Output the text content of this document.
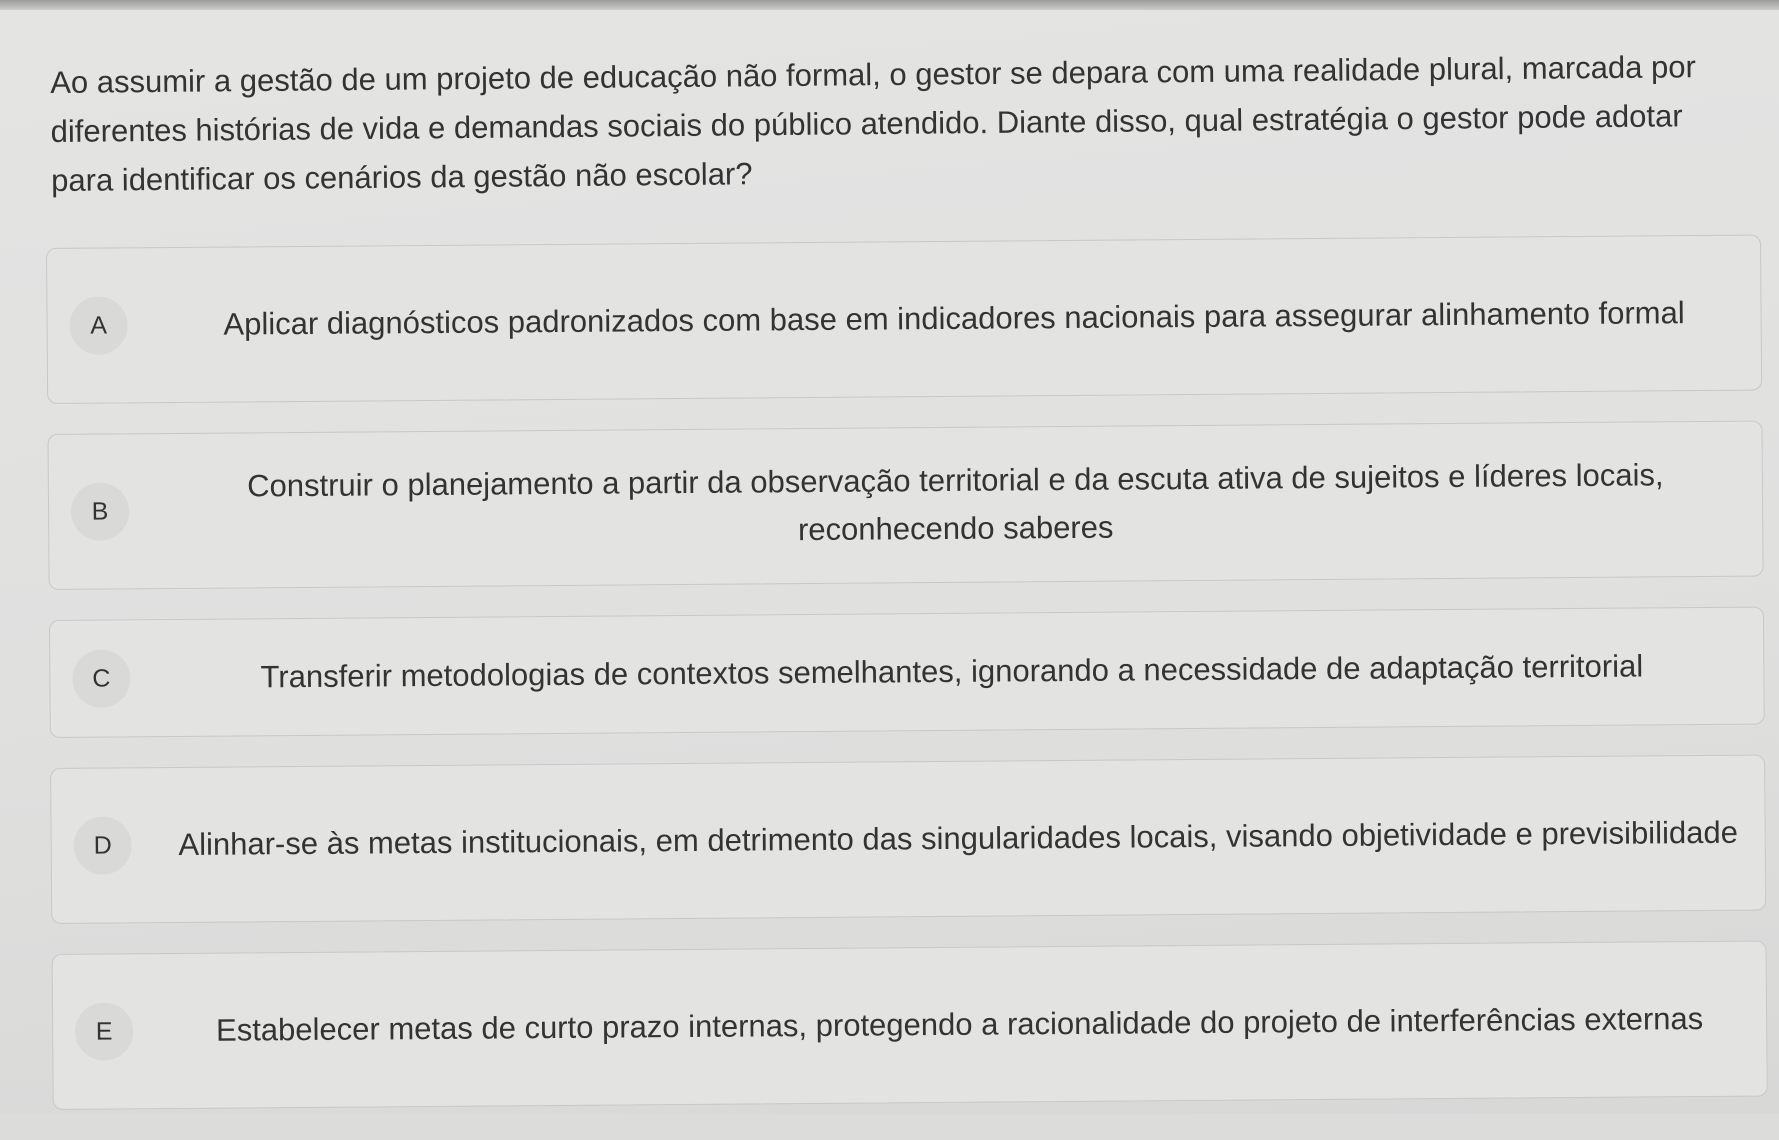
Ao assumir a gestão de um projeto de educação não formal, o gestor se depara com uma realidade plural, marcada por diferentes histórias de vida e demandas sociais do público atendido. Diante disso, qual estratégia o gestor pode adotar para identificar os cenários da gestão não escolar?

A	Aplicar diagnósticos padronizados com base em indicadores nacionais para assegurar alinhamento formal
B
Construir o planejamento a partir da observação territorial e da escuta ativa de sujeitos e líderes locais, reconhecendo saberes
C	Transferir metodologias de contextos semelhantes, ignorando a necessidade de adaptação territorial
D	Alinhar-se às metas institucionais, em detrimento das singularidades locais, visando objetividade e previsibilidade
E	Estabelecer metas de curto prazo internas, protegendo a racionalidade do projeto de interferências externas
